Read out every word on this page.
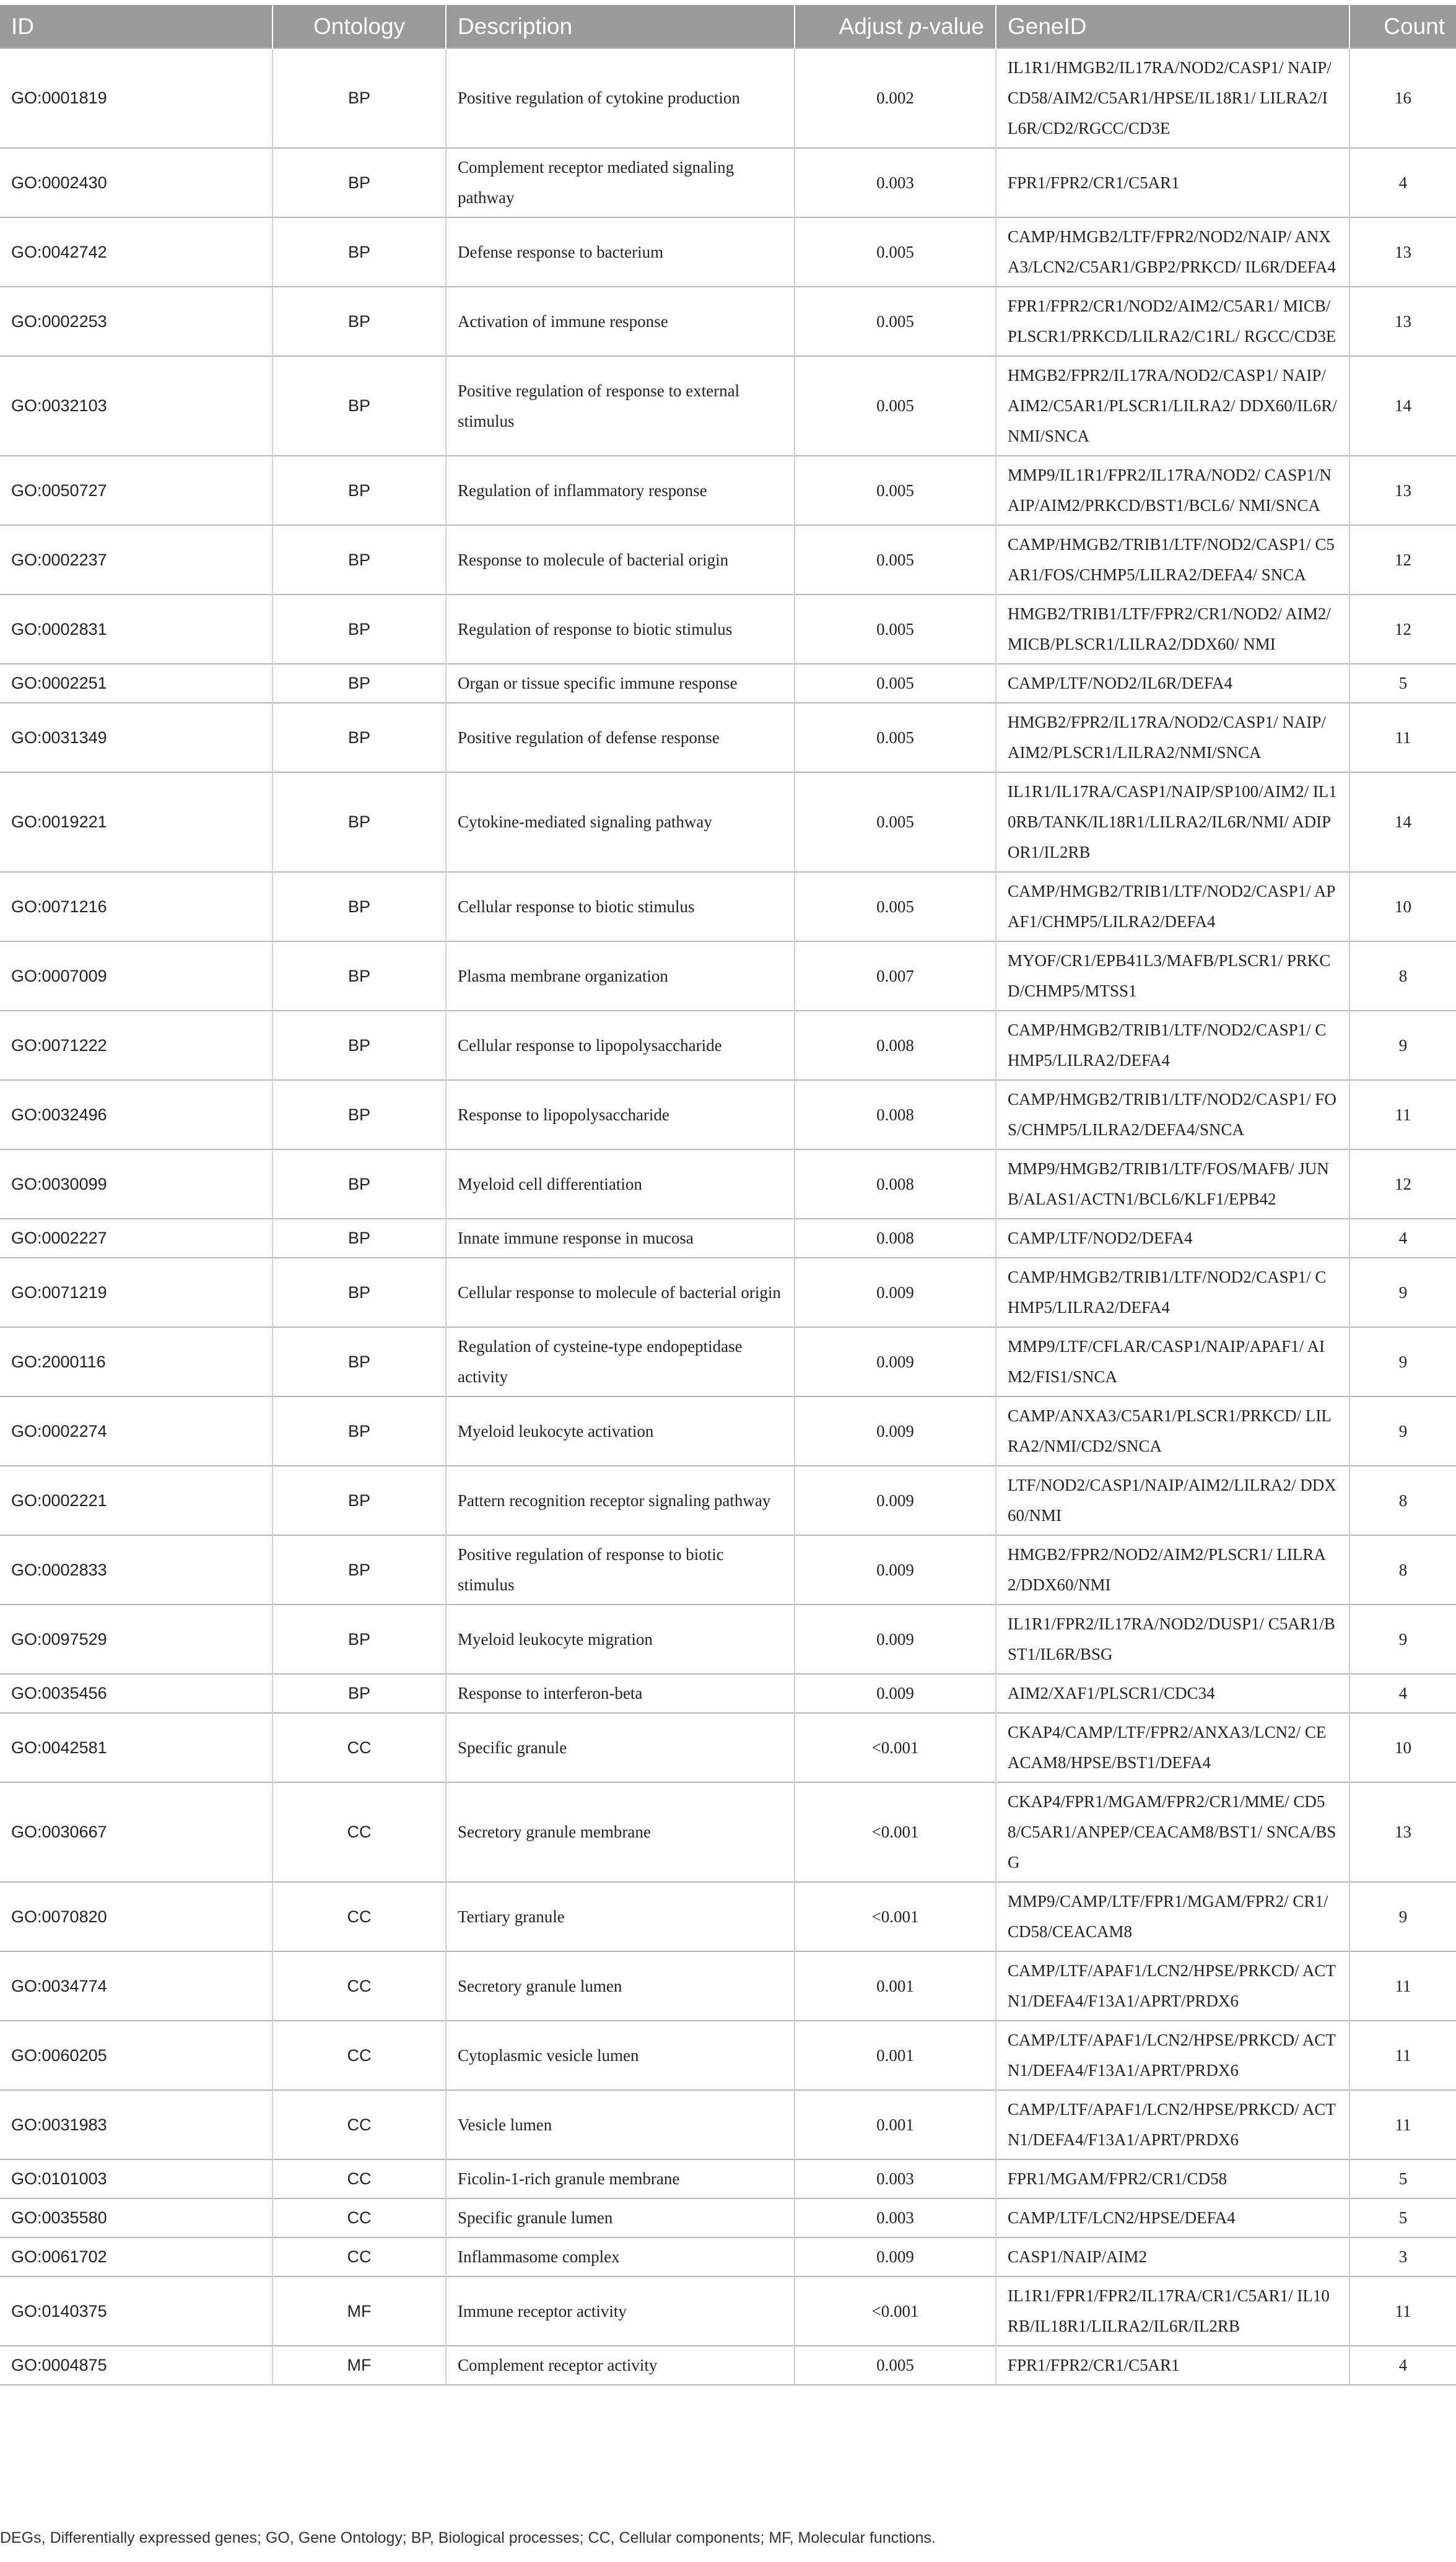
ID	Ontology	Description	Adjust p-value	GeneID	Count
GO:0001819	BP	Positive regulation of cytokine production	0.002	IL1R1/HMGB2/IL17RA/NOD2/CASP1/ NAIP/CD58/AIM2/C5AR1/HPSE/IL18R1/ LILRA2/IL6R/CD2/RGCC/CD3E	16
GO:0002430	BP	Complement receptor mediated signaling pathway	0.003	FPR1/FPR2/CR1/C5AR1	4
GO:0042742	BP	Defense response to bacterium	0.005	CAMP/HMGB2/LTF/FPR2/NOD2/NAIP/ ANXA3/LCN2/C5AR1/GBP2/PRKCD/ IL6R/DEFA4	13
GO:0002253	BP	Activation of immune response	0.005	FPR1/FPR2/CR1/NOD2/AIM2/C5AR1/ MICB/PLSCR1/PRKCD/LILRA2/C1RL/ RGCC/CD3E	13
GO:0032103	BP	Positive regulation of response to external stimulus	0.005	HMGB2/FPR2/IL17RA/NOD2/CASP1/ NAIP/AIM2/C5AR1/PLSCR1/LILRA2/ DDX60/IL6R/NMI/SNCA	14
GO:0050727	BP	Regulation of inflammatory response	0.005	MMP9/IL1R1/FPR2/IL17RA/NOD2/ CASP1/NAIP/AIM2/PRKCD/BST1/BCL6/ NMI/SNCA	13
GO:0002237	BP	Response to molecule of bacterial origin	0.005	CAMP/HMGB2/TRIB1/LTF/NOD2/CASP1/ C5AR1/FOS/CHMP5/LILRA2/DEFA4/ SNCA	12
GO:0002831	BP	Regulation of response to biotic stimulus	0.005	HMGB2/TRIB1/LTF/FPR2/CR1/NOD2/ AIM2/MICB/PLSCR1/LILRA2/DDX60/ NMI	12
GO:0002251	BP	Organ or tissue specific immune response	0.005	CAMP/LTF/NOD2/IL6R/DEFA4	5
GO:0031349	BP	Positive regulation of defense response	0.005	HMGB2/FPR2/IL17RA/NOD2/CASP1/ NAIP/AIM2/PLSCR1/LILRA2/NMI/SNCA	11
GO:0019221	BP	Cytokine-mediated signaling pathway	0.005	IL1R1/IL17RA/CASP1/NAIP/SP100/AIM2/ IL10RB/TANK/IL18R1/LILRA2/IL6R/NMI/ ADIPOR1/IL2RB	14
GO:0071216	BP	Cellular response to biotic stimulus	0.005	CAMP/HMGB2/TRIB1/LTF/NOD2/CASP1/ APAF1/CHMP5/LILRA2/DEFA4	10
GO:0007009	BP	Plasma membrane organization	0.007	MYOF/CR1/EPB41L3/MAFB/PLSCR1/ PRKCD/CHMP5/MTSS1	8
GO:0071222	BP	Cellular response to lipopolysaccharide	0.008	CAMP/HMGB2/TRIB1/LTF/NOD2/CASP1/ CHMP5/LILRA2/DEFA4	9
GO:0032496	BP	Response to lipopolysaccharide	0.008	CAMP/HMGB2/TRIB1/LTF/NOD2/CASP1/ FOS/CHMP5/LILRA2/DEFA4/SNCA	11
GO:0030099	BP	Myeloid cell differentiation	0.008	MMP9/HMGB2/TRIB1/LTF/FOS/MAFB/ JUNB/ALAS1/ACTN1/BCL6/KLF1/EPB42	12
GO:0002227	BP	Innate immune response in mucosa	0.008	CAMP/LTF/NOD2/DEFA4	4
GO:0071219	BP	Cellular response to molecule of bacterial origin	0.009	CAMP/HMGB2/TRIB1/LTF/NOD2/CASP1/ CHMP5/LILRA2/DEFA4	9
GO:2000116	BP	Regulation of cysteine-type endopeptidase activity	0.009	MMP9/LTF/CFLAR/CASP1/NAIP/APAF1/ AIM2/FIS1/SNCA	9
GO:0002274	BP	Myeloid leukocyte activation	0.009	CAMP/ANXA3/C5AR1/PLSCR1/PRKCD/ LILRA2/NMI/CD2/SNCA	9
GO:0002221	BP	Pattern recognition receptor signaling pathway	0.009	LTF/NOD2/CASP1/NAIP/AIM2/LILRA2/ DDX60/NMI	8
GO:0002833	BP	Positive regulation of response to biotic stimulus	0.009	HMGB2/FPR2/NOD2/AIM2/PLSCR1/ LILRA2/DDX60/NMI	8
GO:0097529	BP	Myeloid leukocyte migration	0.009	IL1R1/FPR2/IL17RA/NOD2/DUSP1/ C5AR1/BST1/IL6R/BSG	9
GO:0035456	BP	Response to interferon-beta	0.009	AIM2/XAF1/PLSCR1/CDC34	4
GO:0042581	CC	Specific granule	<0.001	CKAP4/CAMP/LTF/FPR2/ANXA3/LCN2/ CEACAM8/HPSE/BST1/DEFA4	10
GO:0030667	CC	Secretory granule membrane	<0.001	CKAP4/FPR1/MGAM/FPR2/CR1/MME/ CD58/C5AR1/ANPEP/CEACAM8/BST1/ SNCA/BSG	13
GO:0070820	CC	Tertiary granule	<0.001	MMP9/CAMP/LTF/FPR1/MGAM/FPR2/ CR1/CD58/CEACAM8	9
GO:0034774	CC	Secretory granule lumen	0.001	CAMP/LTF/APAF1/LCN2/HPSE/PRKCD/ ACTN1/DEFA4/F13A1/APRT/PRDX6	11
GO:0060205	CC	Cytoplasmic vesicle lumen	0.001	CAMP/LTF/APAF1/LCN2/HPSE/PRKCD/ ACTN1/DEFA4/F13A1/APRT/PRDX6	11
GO:0031983	CC	Vesicle lumen	0.001	CAMP/LTF/APAF1/LCN2/HPSE/PRKCD/ ACTN1/DEFA4/F13A1/APRT/PRDX6	11
GO:0101003	CC	Ficolin-1-rich granule membrane	0.003	FPR1/MGAM/FPR2/CR1/CD58	5
GO:0035580	CC	Specific granule lumen	0.003	CAMP/LTF/LCN2/HPSE/DEFA4	5
GO:0061702	CC	Inflammasome complex	0.009	CASP1/NAIP/AIM2	3
GO:0140375	MF	Immune receptor activity	<0.001	IL1R1/FPR1/FPR2/IL17RA/CR1/C5AR1/ IL10RB/IL18R1/LILRA2/IL6R/IL2RB	11
GO:0004875	MF	Complement receptor activity	0.005	FPR1/FPR2/CR1/C5AR1	4
DEGs, Differentially expressed genes; GO, Gene Ontology; BP, Biological processes; CC, Cellular components; MF, Molecular functions.
